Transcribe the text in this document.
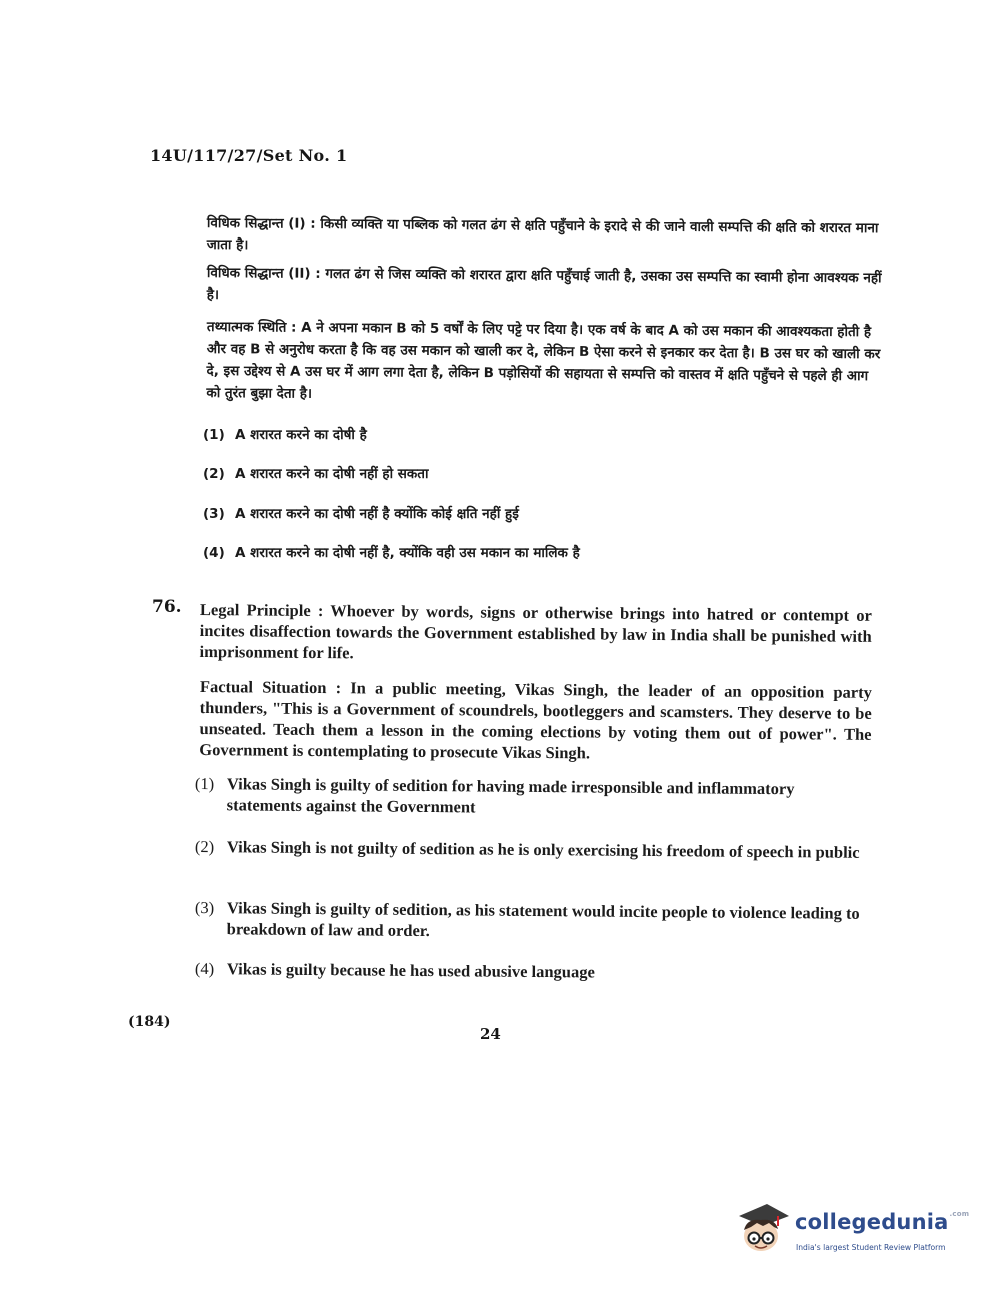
14U/117/27/Set No. 1
विधिक सिद्धान्त (I) : किसी व्यक्ति या पब्लिक को गलत ढंग से क्षति पहुँचाने के इरादे से की जाने वाली सम्पत्ति की क्षति को शरारत माना जाता है।
विधिक सिद्धान्त (II) : गलत ढंग से जिस व्यक्ति को शरारत द्वारा क्षति पहुँचाई जाती है, उसका उस सम्पत्ति का स्वामी होना आवश्यक नहीं है।
तथ्यात्मक स्थिति : A ने अपना मकान B को 5 वर्षों के लिए पट्टे पर दिया है। एक वर्ष के बाद A को उस मकान की आवश्यकता होती है और वह B से अनुरोध करता है कि वह उस मकान को खाली कर दे, लेकिन B ऐसा करने से इनकार कर देता है। B उस घर को खाली कर दे, इस उद्देश्य से A उस घर में आग लगा देता है, लेकिन B पड़ोसियों की सहायता से सम्पत्ति को वास्तव में क्षति पहुँचने से पहले ही आग को तुरंत बुझा देता है।
(1) A शरारत करने का दोषी है
(2) A शरारत करने का दोषी नहीं हो सकता
(3) A शरारत करने का दोषी नहीं है क्योंकि कोई क्षति नहीं हुई
(4) A शरारत करने का दोषी नहीं है, क्योंकि वही उस मकान का मालिक है
76. Legal Principle : Whoever by words, signs or otherwise brings into hatred or contempt or incites disaffection towards the Government established by law in India shall be punished with imprisonment for life.
Factual Situation : In a public meeting, Vikas Singh, the leader of an opposition party thunders, "This is a Government of scoundrels, bootleggers and scamsters. They deserve to be unseated. Teach them a lesson in the coming elections by voting them out of power". The Government is contemplating to prosecute Vikas Singh.
(1) Vikas Singh is guilty of sedition for having made irresponsible and inflammatory statements against the Government
(2) Vikas Singh is not guilty of sedition as he is only exercising his freedom of speech in public
(3) Vikas Singh is guilty of sedition, as his statement would incite people to violence leading to breakdown of law and order.
(4) Vikas is guilty because he has used abusive language
(184)
24
collegedunia$^{.com}$
India's largest Student Review Platform
